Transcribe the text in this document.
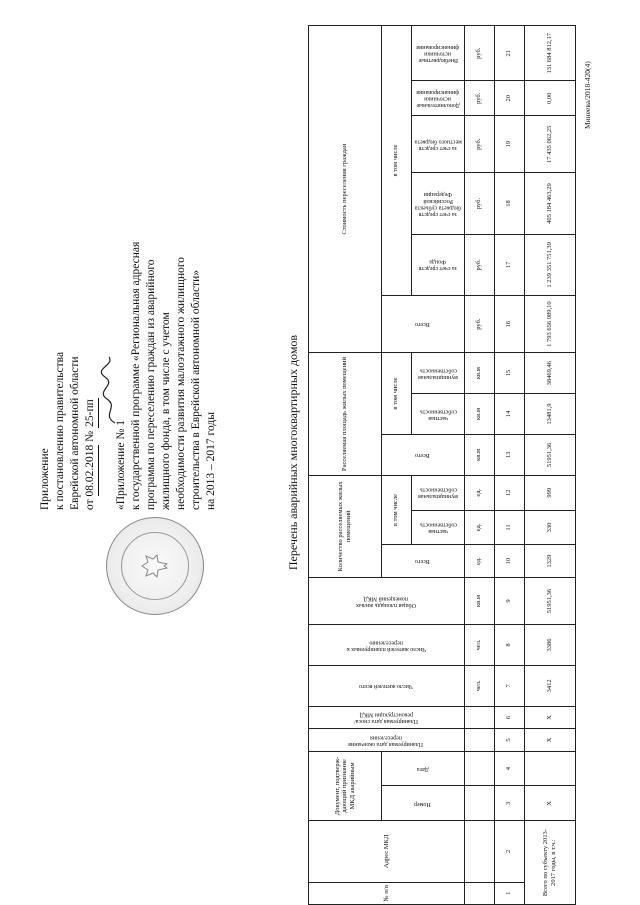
Приложение к постановлению правительства Еврейской автономной области от 08.02.2018 № 25-пп
«Приложение № 1 к государственной программе «Региональная адресная программа по переселению граждан из аварийного жилищного фонда, в том числе с учетом необходимости развития малоэтажного жилищного строительства в Еврейской автономной области» на 2013 – 2017 годы	Перечень аварийных многоквартирных домов
№ п/п	Адрес МКД	Документ, подтверж-дающий признание МКД аварийным		Планируемая дата окончания переселения	Планируемая дата сноса/ реконструкции МКД	Число жителей всего	Число жителей планируемых к переселению	Общая площадь жилых помещений МКД	Количество расселяемых жилых помещений			Расселяемая площадь жилых помещений			Стоимость переселения граждан					

		Номер	Дата						Всего	в том числе		Всего	в том числе		Всего	в том числе				

										частная собственность	муниципальная собственность		частная собственность	муниципальная собственность		за счет средств Фонда	за счет средств бюджета субъекта Российской Федерации	за счет средств местного бюджета	Дополнительные источники финансирования	Внебюджетные источники финансирования

						чел.	чел.	кв.м	ед.	ед.	ед.	кв.м	кв.м	кв.м	руб.	руб.	руб.	руб.	руб.	руб.
1	2	3	4	5	6	7	8	9	10	11	12	13	14	15	16	17	18	19	20	21
Всего по субъекту 2013-2017 годы, в т.ч.:		Х		Х	Х	3412	3386	51951,36	1329	330	999	51951,36	13481,9	38469,46	1 793 656 089,10	1 239 351 751,39	405 184 463,29	17 435 062,25	0,00	131 684 812,17
Минеева/2018-420(4)
